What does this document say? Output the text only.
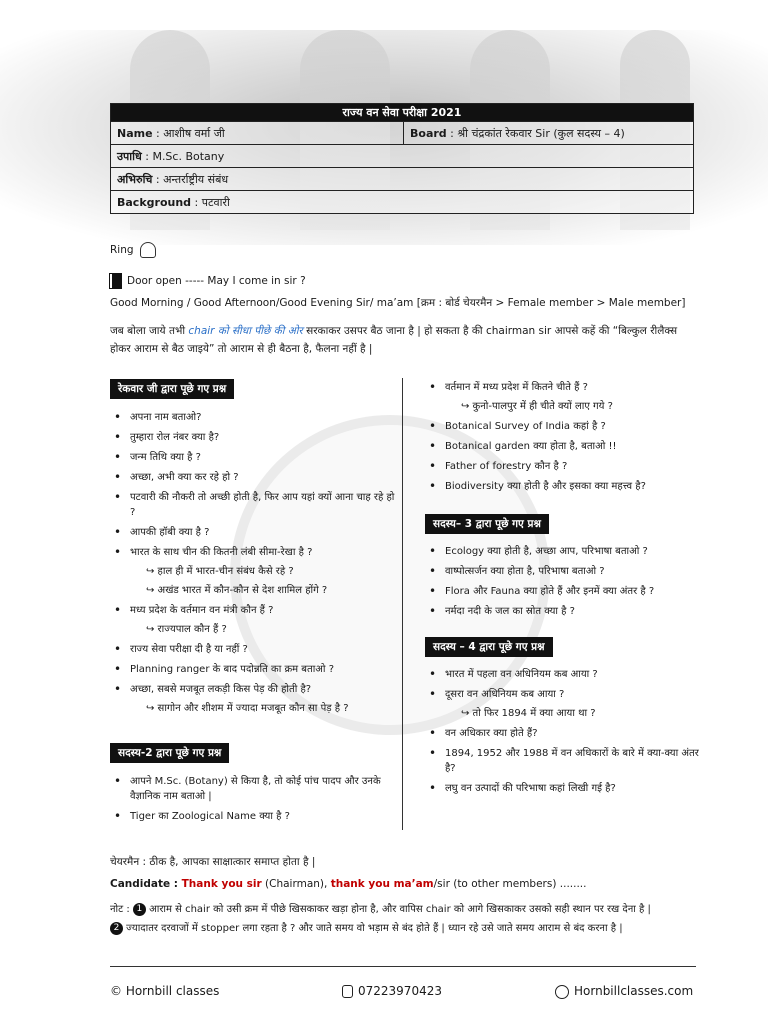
राज्य वन सेवा परीक्षा 2021
Name : आशीष वर्मा जी	Board : श्री चंद्रकांत रेकवार Sir (कुल सदस्य – 4)
उपाधि : M.Sc. Botany
अभिरुचि : अन्तर्राष्ट्रीय संबंध
Background : पटवारी
Ring
Door open ----- May I come in sir ?
Good Morning / Good Afternoon/Good Evening Sir/ ma’am [क्रम : बोर्ड चेयरमैन > Female member > Male member]
जब बोला जाये तभी chair को सीधा पीछे की ओर सरकाकर उसपर बैठ जाना है | हो सकता है की chairman sir आपसे कहें की “बिल्कुल रीलैक्स होकर आराम से बैठ जाइये” तो आराम से ही बैठना है, फैलना नहीं है |
रेकवार जी द्वारा पूछे गए प्रश्न
• अपना नाम बताओ?
• तुम्हारा रोल नंबर क्या है?
• जन्म तिथि क्या है ?
• अच्छा, अभी क्या कर रहे हो ?
• पटवारी की नौकरी तो अच्छी होती है, फिर आप यहां क्यों आना चाह रहे हो ?
• आपकी हॉबी क्या है ?
• भारत के साथ चीन की कितनी लंबी सीमा-रेखा है ?
↪ हाल ही में भारत-चीन संबंध कैसे रहे ?
↪ अखंड भारत में कौन-कौन से देश शामिल होंगे ?
• मध्य प्रदेश के वर्तमान वन मंत्री कौन हैं ?
↪ राज्यपाल कौन हैं ?
• राज्य सेवा परीक्षा दी है या नहीं ?
• Planning ranger के बाद पदोन्नति का क्रम बताओ ?
• अच्छा, सबसे मजबूत लकड़ी किस पेड़ की होती है?
↪ सागोन और शीशम में ज्यादा मजबूत कौन सा पेड़ है ?
सदस्य-2 द्वारा पूछे गए प्रश्न
• आपने M.Sc. (Botany) से किया है, तो कोई पांच पादप और उनके वैज्ञानिक नाम बताओ |
• Tiger का Zoological Name क्या है ?
• वर्तमान में मध्य प्रदेश में कितने चीते हैं ?
↪ कुनो-पालपुर में ही चीते क्यों लाए गये ?
• Botanical Survey of India कहां है ?
• Botanical garden क्या होता है, बताओ !!
• Father of forestry कौन है ?
• Biodiversity क्या होती है और इसका क्या महत्त्व है?
सदस्य– 3 द्वारा पूछे गए प्रश्न
• Ecology क्या होती है, अच्छा आप, परिभाषा बताओ ?
• वाष्पोत्सर्जन क्या होता है, परिभाषा बताओ ?
• Flora और Fauna क्या होते हैं और इनमें क्या अंतर है ?
• नर्मदा नदी के जल का स्रोत क्या है ?
सदस्य – 4 द्वारा पूछे गए प्रश्न
• भारत में पहला वन अधिनियम कब आया ?
• दूसरा वन अधिनियम कब आया ?
↪ तो फिर 1894 में क्या आया था ?
• वन अधिकार क्या होते हैं?
• 1894, 1952 और 1988 में वन अधिकारों के बारे में क्या-क्या अंतर है?
• लघु वन उत्पादों की परिभाषा कहां लिखी गई है?
चेयरमैन : ठीक है, आपका साक्षात्कार समाप्त होता है |
Candidate : Thank you sir (Chairman), thank you ma’am/sir (to other members) ........
नोट : 1 आराम से chair को उसी क्रम में पीछे खिसकाकर खड़ा होना है, और वापिस chair को आगे खिसकाकर उसको सही स्थान पर रख देना है |
2 ज्यादातर दरवाजों में stopper लगा रहता है ? और जाते समय वो भड़ाम से बंद होते हैं | ध्यान रहे उसे जाते समय आराम से बंद करना है |
© Hornbill classes	07223970423	Hornbillclasses.com
